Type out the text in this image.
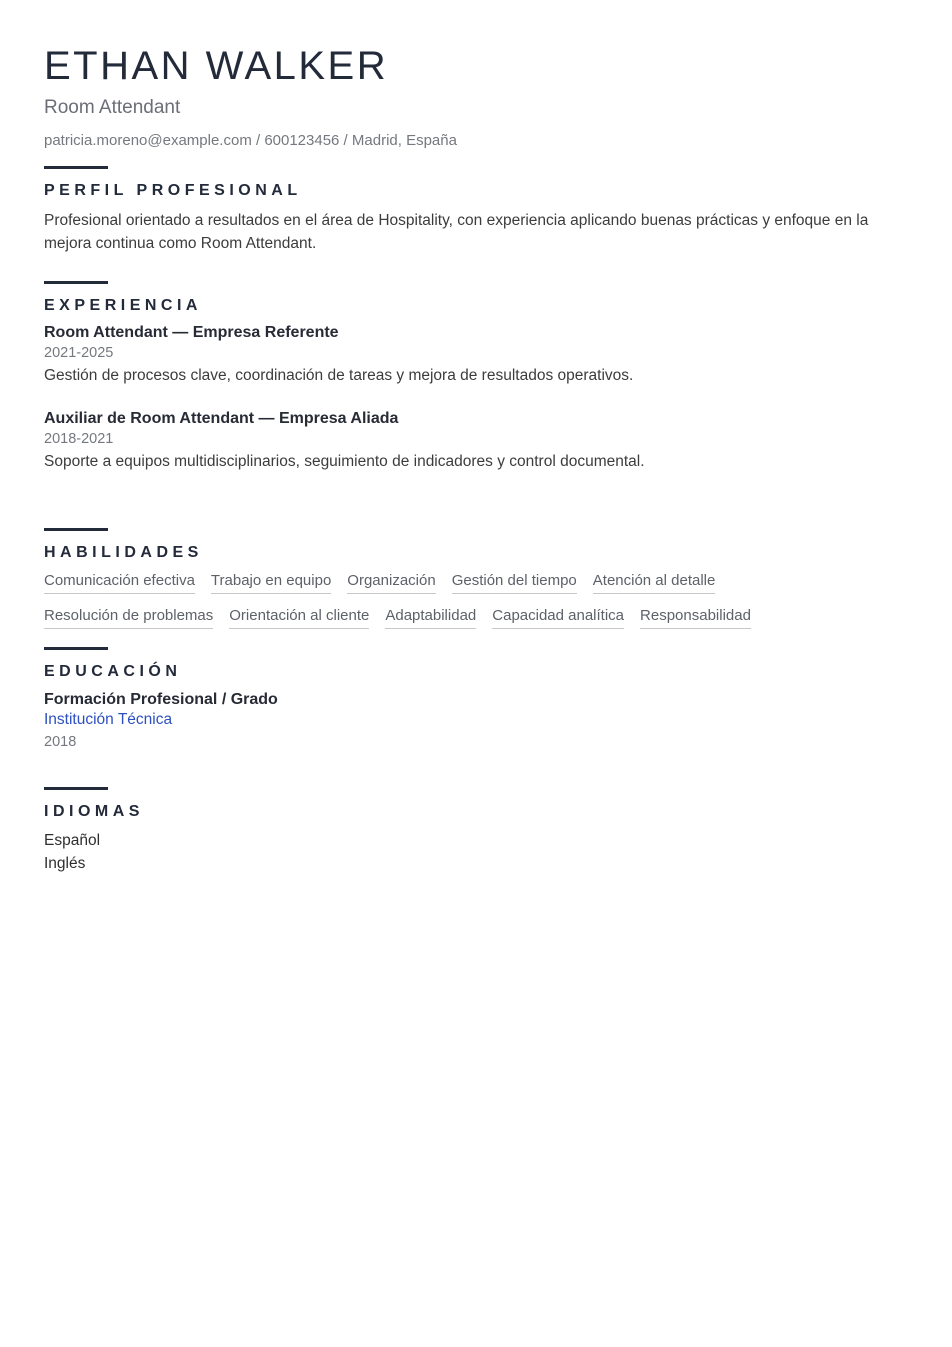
ETHAN WALKER
Room Attendant
patricia.moreno@example.com / 600123456 / Madrid, España
PERFIL PROFESIONAL

Profesional orientado a resultados en el área de Hospitality, con experiencia aplicando buenas prácticas y enfoque en la mejora continua como Room Attendant.

EXPERIENCIA
Room Attendant — Empresa Referente
2021-2025
Gestión de procesos clave, coordinación de tareas y mejora de resultados operativos.
Auxiliar de Room Attendant — Empresa Aliada
2018-2021
Soporte a equipos multidisciplinarios, seguimiento de indicadores y control documental.
HABILIDADES
Comunicación efectiva Trabajo en equipo Organización Gestión del tiempo Atención al detalle
Resolución de problemas Orientación al cliente Adaptabilidad Capacidad analítica Responsabilidad
EDUCACIÓN
Formación Profesional / Grado
Institución Técnica
2018
IDIOMAS
Español
Inglés
